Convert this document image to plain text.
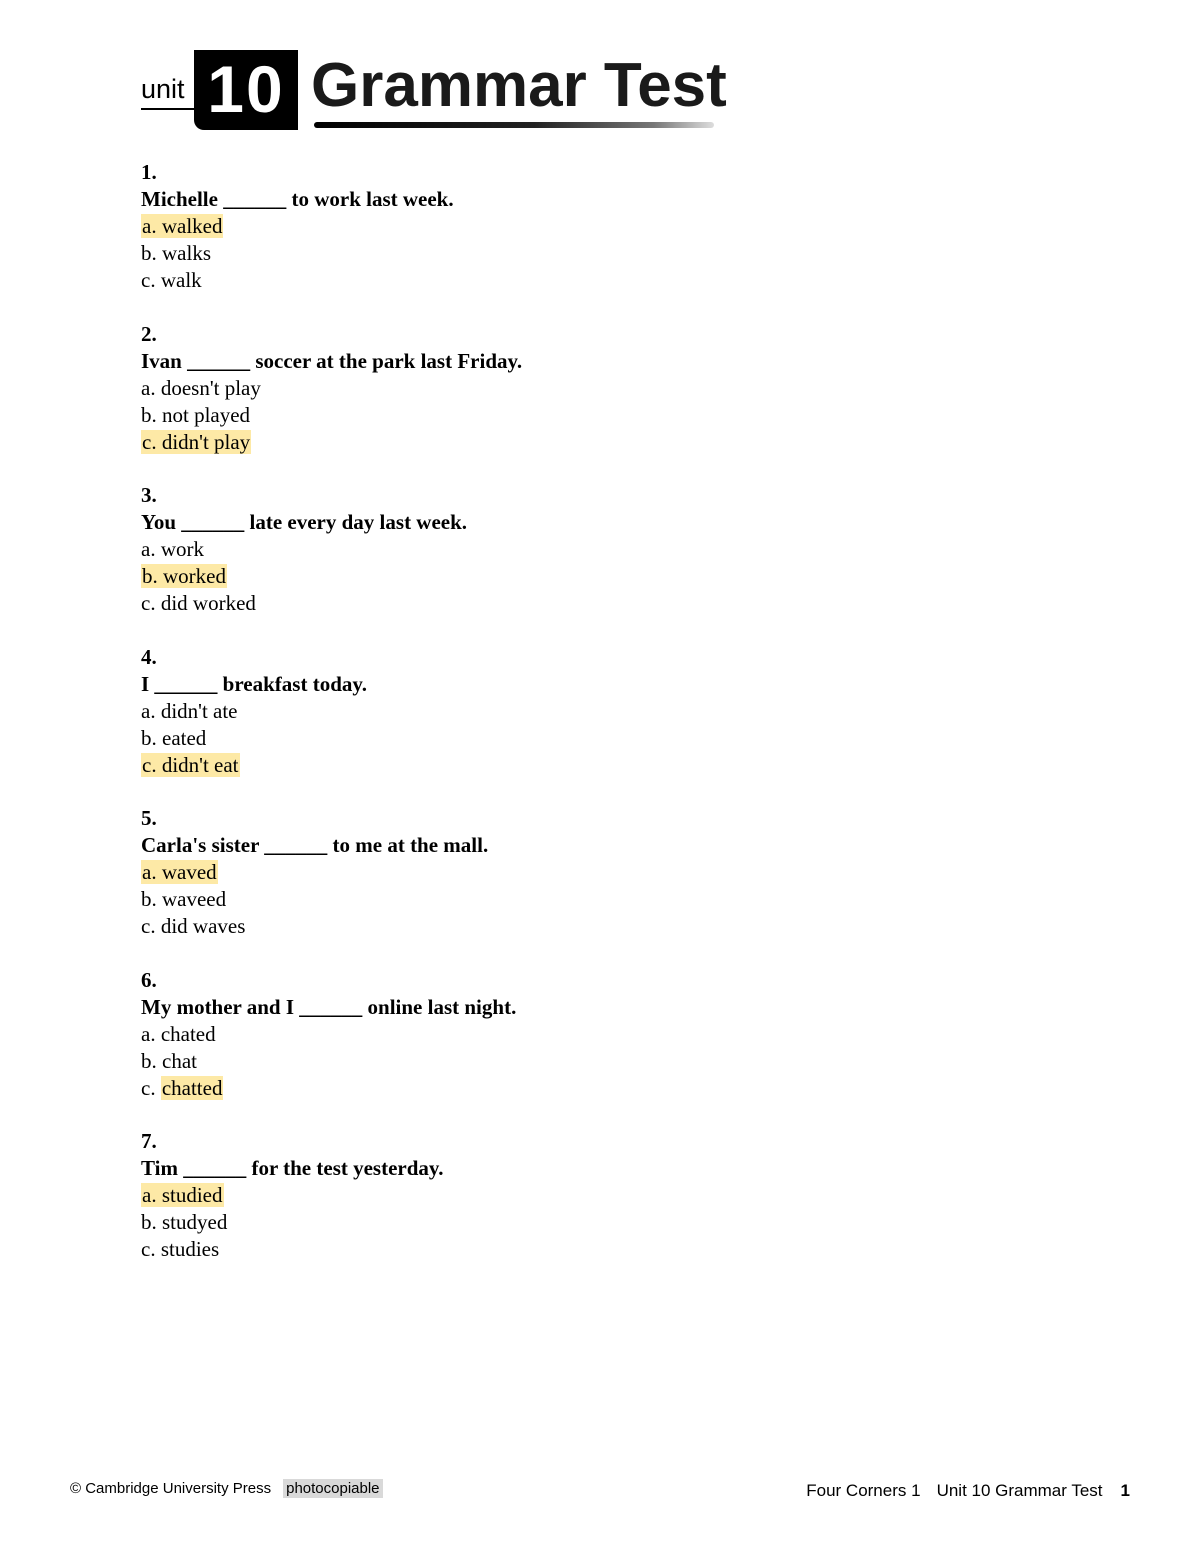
unit 10 Grammar Test
1.
Michelle ______ to work last week.
a. walked
b. walks
c. walk
2.
Ivan ______ soccer at the park last Friday.
a. doesn't play
b. not played
c. didn't play
3.
You ______ late every day last week.
a. work
b. worked
c. did worked
4.
I ______ breakfast today.
a. didn't ate
b. eated
c. didn't eat
5.
Carla's sister ______ to me at the mall.
a. waved
b. waveed
c. did waves
6.
My mother and I ______ online last night.
a. chated
b. chat
c. chatted
7.
Tim ______ for the test yesterday.
a. studied
b. studyed
c. studies
© Cambridge University Press photocopiable	Four Corners 1 Unit 10 Grammar Test 1
